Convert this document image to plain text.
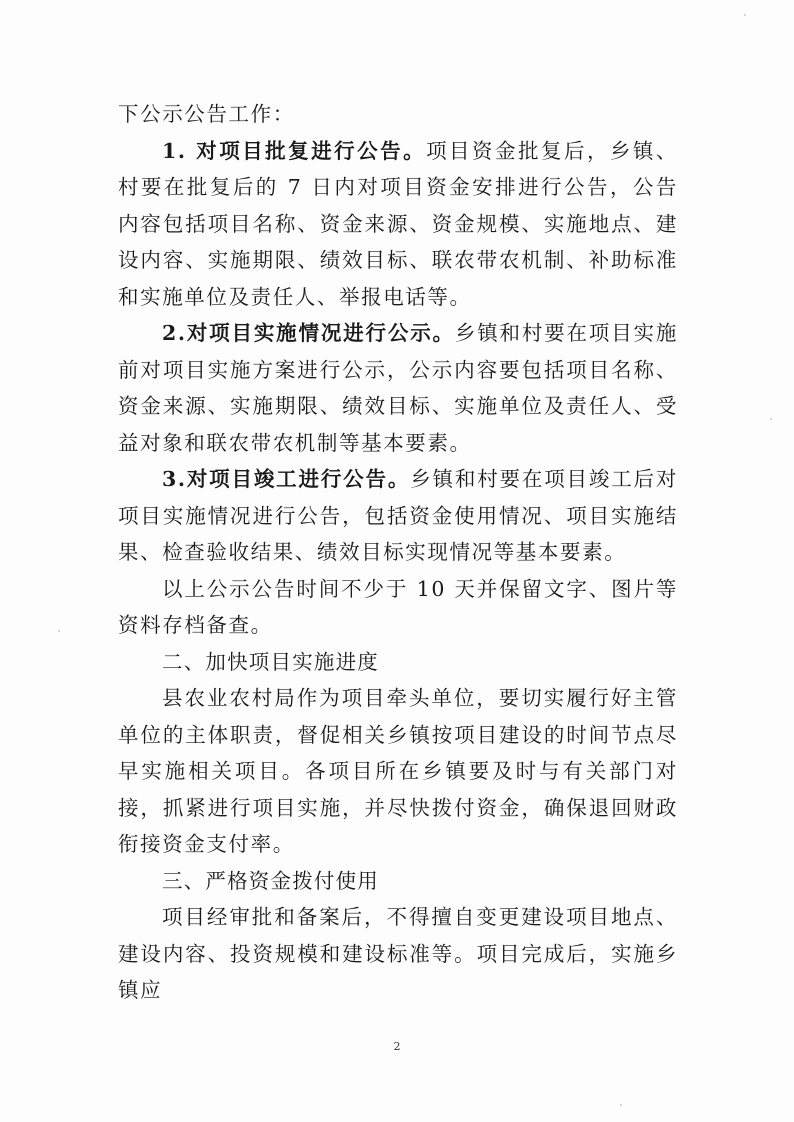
下公示公告工作：

1. 对项目批复进行公告。项目资金批复后，乡镇、村要在批复后的 7 日内对项目资金安排进行公告，公告内容包括项目名称、资金来源、资金规模、实施地点、建设内容、实施期限、绩效目标、联农带农机制、补助标准和实施单位及责任人、举报电话等。

2.对项目实施情况进行公示。乡镇和村要在项目实施前对项目实施方案进行公示，公示内容要包括项目名称、资金来源、实施期限、绩效目标、实施单位及责任人、受益对象和联农带农机制等基本要素。

3.对项目竣工进行公告。乡镇和村要在项目竣工后对项目实施情况进行公告，包括资金使用情况、项目实施结果、检查验收结果、绩效目标实现情况等基本要素。

以上公示公告时间不少于 10 天并保留文字、图片等资料存档备查。

二、加快项目实施进度

县农业农村局作为项目牵头单位，要切实履行好主管单位的主体职责，督促相关乡镇按项目建设的时间节点尽早实施相关项目。各项目所在乡镇要及时与有关部门对接，抓紧进行项目实施，并尽快拨付资金，确保退回财政衔接资金支付率。

三、严格资金拨付使用

项目经审批和备案后，不得擅自变更建设项目地点、建设内容、投资规模和建设标准等。项目完成后，实施乡镇应

2
